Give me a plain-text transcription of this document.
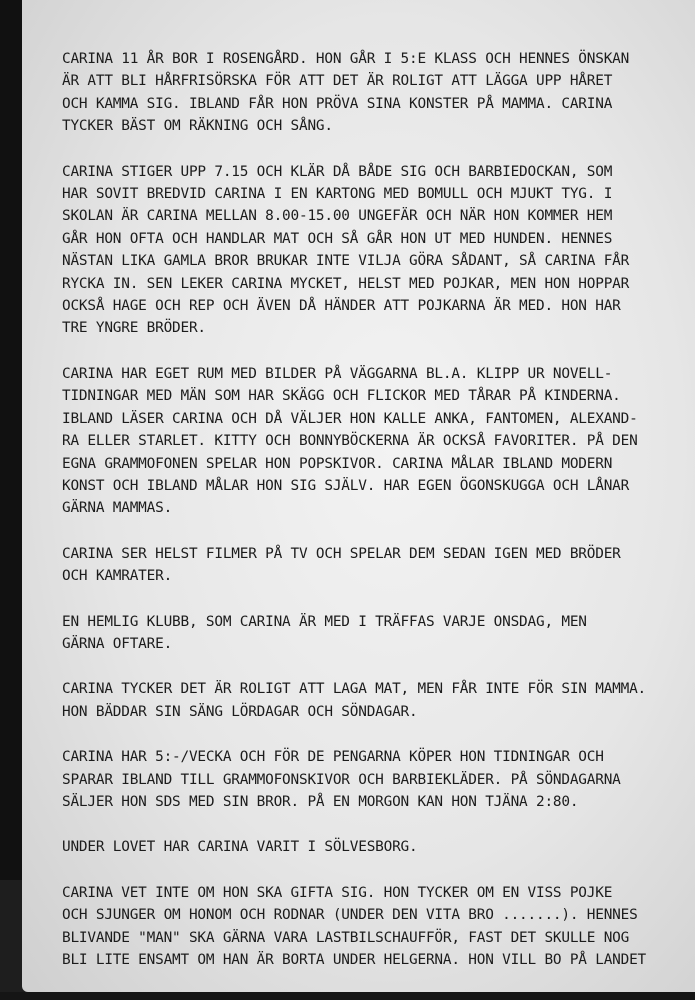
CARINA 11 ÅR BOR I ROSENGÅRD. HON GÅR I 5:E KLASS OCH HENNES ÖNSKAN
ÄR ATT BLI HÅRFRISÖRSKA FÖR ATT DET ÄR ROLIGT ATT LÄGGA UPP HÅRET
OCH KAMMA SIG. IBLAND FÅR HON PRÖVA SINA KONSTER PÅ MAMMA. CARINA
TYCKER BÄST OM RÄKNING OCH SÅNG.
CARINA STIGER UPP 7.15 OCH KLÄR DÅ BÅDE SIG OCH BARBIEDOCKAN, SOM
HAR SOVIT BREDVID CARINA I EN KARTONG MED BOMULL OCH MJUKT TYG. I
SKOLAN ÄR CARINA MELLAN 8.00-15.00 UNGEFÄR OCH NÄR HON KOMMER HEM
GÅR HON OFTA OCH HANDLAR MAT OCH SÅ GÅR HON UT MED HUNDEN. HENNES
NÄSTAN LIKA GAMLA BROR BRUKAR INTE VILJA GÖRA SÅDANT, SÅ CARINA FÅR
RYCKA IN. SEN LEKER CARINA MYCKET, HELST MED POJKAR, MEN HON HOPPAR
OCKSÅ HAGE OCH REP OCH ÄVEN DÅ HÄNDER ATT POJKARNA ÄR MED. HON HAR
TRE YNGRE BRÖDER.
CARINA HAR EGET RUM MED BILDER PÅ VÄGGARNA BL.A. KLIPP UR NOVELL-
TIDNINGAR MED MÄN SOM HAR SKÄGG OCH FLICKOR MED TÅRAR PÅ KINDERNA.
IBLAND LÄSER CARINA OCH DÅ VÄLJER HON KALLE ANKA, FANTOMEN, ALEXAND-
RA ELLER STARLET. KITTY OCH BONNYBÖCKERNA ÄR OCKSÅ FAVORITER. PÅ DEN
EGNA GRAMMOFONEN SPELAR HON POPSKIVOR. CARINA MÅLAR IBLAND MODERN
KONST OCH IBLAND MÅLAR HON SIG SJÄLV. HAR EGEN ÖGONSKUGGA OCH LÅNAR
GÄRNA MAMMAS.
CARINA SER HELST FILMER PÅ TV OCH SPELAR DEM SEDAN IGEN MED BRÖDER
OCH KAMRATER.
EN HEMLIG KLUBB, SOM CARINA ÄR MED I TRÄFFAS VARJE ONSDAG, MEN
GÄRNA OFTARE.
CARINA TYCKER DET ÄR ROLIGT ATT LAGA MAT, MEN FÅR INTE FÖR SIN MAMMA.
HON BÄDDAR SIN SÄNG LÖRDAGAR OCH SÖNDAGAR.
CARINA HAR 5:-/VECKA OCH FÖR DE PENGARNA KÖPER HON TIDNINGAR OCH
SPARAR IBLAND TILL GRAMMOFONSKIVOR OCH BARBIEKLÄDER. PÅ SÖNDAGARNA
SÄLJER HON SDS MED SIN BROR. PÅ EN MORGON KAN HON TJÄNA 2:80.
UNDER LOVET HAR CARINA VARIT I SÖLVESBORG.
CARINA VET INTE OM HON SKA GIFTA SIG. HON TYCKER OM EN VISS POJKE
OCH SJUNGER OM HONOM OCH RODNAR (UNDER DEN VITA BRO .......). HENNES
BLIVANDE "MAN" SKA GÄRNA VARA LASTBILSCHAUFFÖR, FAST DET SKULLE NOG
BLI LITE ENSAMT OM HAN ÄR BORTA UNDER HELGERNA. HON VILL BO PÅ LANDET
